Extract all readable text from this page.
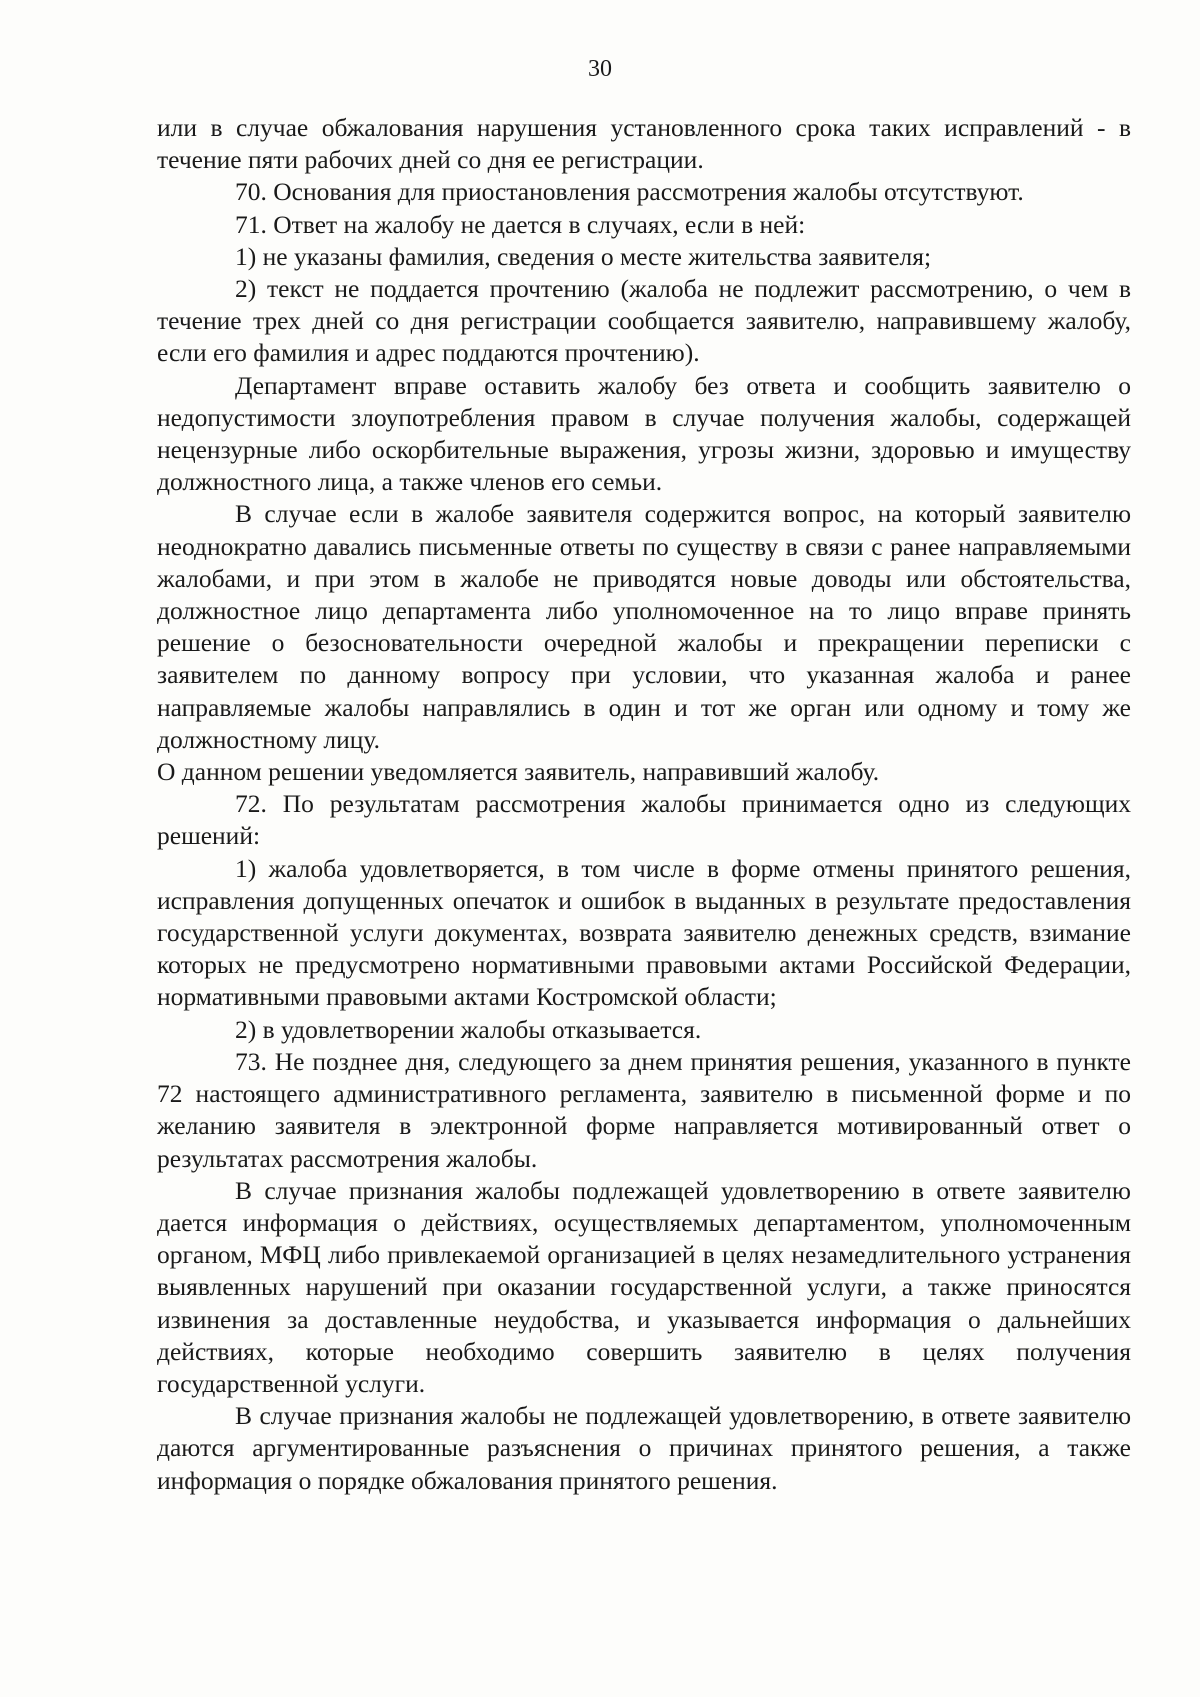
30

или в случае обжалования нарушения установленного срока таких исправлений - в течение пяти рабочих дней со дня ее регистрации.

70. Основания для приостановления рассмотрения жалобы отсутствуют.

71. Ответ на жалобу не дается в случаях, если в ней:

1) не указаны фамилия, сведения о месте жительства заявителя;

2) текст не поддается прочтению (жалоба не подлежит рассмотрению, о чем в течение трех дней со дня регистрации сообщается заявителю, направившему жалобу, если его фамилия и адрес поддаются прочтению).

Департамент вправе оставить жалобу без ответа и сообщить заявителю о недопустимости злоупотребления правом в случае получения жалобы, содержащей нецензурные либо оскорбительные выражения, угрозы жизни, здоровью и имуществу должностного лица, а также членов его семьи.

В случае если в жалобе заявителя содержится вопрос, на который заявителю неоднократно давались письменные ответы по существу в связи с ранее направляемыми жалобами, и при этом в жалобе не приводятся новые доводы или обстоятельства, должностное лицо департамента либо уполномоченное на то лицо вправе принять решение о безосновательности очередной жалобы и прекращении переписки с заявителем по данному вопросу при условии, что указанная жалоба и ранее направляемые жалобы направлялись в один и тот же орган или одному и тому же должностному лицу.

О данном решении уведомляется заявитель, направивший жалобу.

72. По результатам рассмотрения жалобы принимается одно из следующих решений:

1) жалоба удовлетворяется, в том числе в форме отмены принятого решения, исправления допущенных опечаток и ошибок в выданных в результате предоставления государственной услуги документах, возврата заявителю денежных средств, взимание которых не предусмотрено нормативными правовыми актами Российской Федерации, нормативными правовыми актами Костромской области;

2) в удовлетворении жалобы отказывается.

73. Не позднее дня, следующего за днем принятия решения, указанного в пункте 72 настоящего административного регламента, заявителю в письменной форме и по желанию заявителя в электронной форме направляется мотивированный ответ о результатах рассмотрения жалобы.

В случае признания жалобы подлежащей удовлетворению в ответе заявителю дается информация о действиях, осуществляемых департаментом, уполномоченным органом, МФЦ либо привлекаемой организацией в целях незамедлительного устранения выявленных нарушений при оказании государственной услуги, а также приносятся извинения за доставленные неудобства, и указывается информация о дальнейших действиях, которые необходимо совершить заявителю в целях получения государственной услуги.

В случае признания жалобы не подлежащей удовлетворению, в ответе заявителю даются аргументированные разъяснения о причинах принятого решения, а также информация о порядке обжалования принятого решения.
